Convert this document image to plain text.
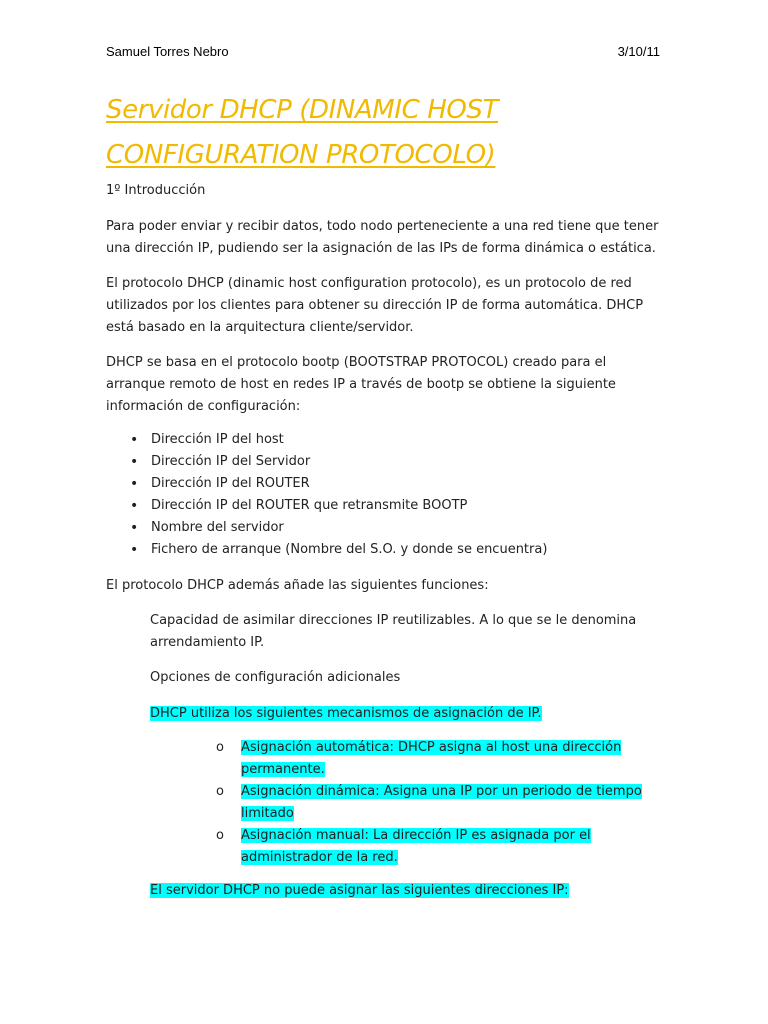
Samuel Torres Nebro	3/10/11
Servidor DHCP (DINAMIC HOST CONFIGURATION PROTOCOLO)

1º Introducción

Para poder enviar y recibir datos, todo nodo perteneciente a una red tiene que tener una dirección IP, pudiendo ser la asignación de las IPs de forma dinámica o estática.

El protocolo DHCP (dinamic host configuration protocolo), es un protocolo de red utilizados por los clientes para obtener su dirección IP de forma automática. DHCP está basado en la arquitectura cliente/servidor.

DHCP se basa en el protocolo bootp (BOOTSTRAP PROTOCOL) creado para el arranque remoto de host en redes IP a través de bootp se obtiene la siguiente información de configuración:

• Dirección IP del host
• Dirección IP del Servidor
• Dirección IP del ROUTER
• Dirección IP del ROUTER que retransmite BOOTP
• Nombre del servidor
• Fichero de arranque (Nombre del S.O. y donde se encuentra)

El protocolo DHCP además añade las siguientes funciones:

Capacidad de asimilar direcciones IP reutilizables. A lo que se le denomina arrendamiento IP.

Opciones de configuración adicionales

DHCP utiliza los siguientes mecanismos de asignación de IP.

o Asignación automática: DHCP asigna al host una dirección permanente.
o Asignación dinámica: Asigna una IP por un periodo de tiempo limitado
o Asignación manual: La dirección IP es asignada por el administrador de la red.

El servidor DHCP no puede asignar las siguientes direcciones IP:
